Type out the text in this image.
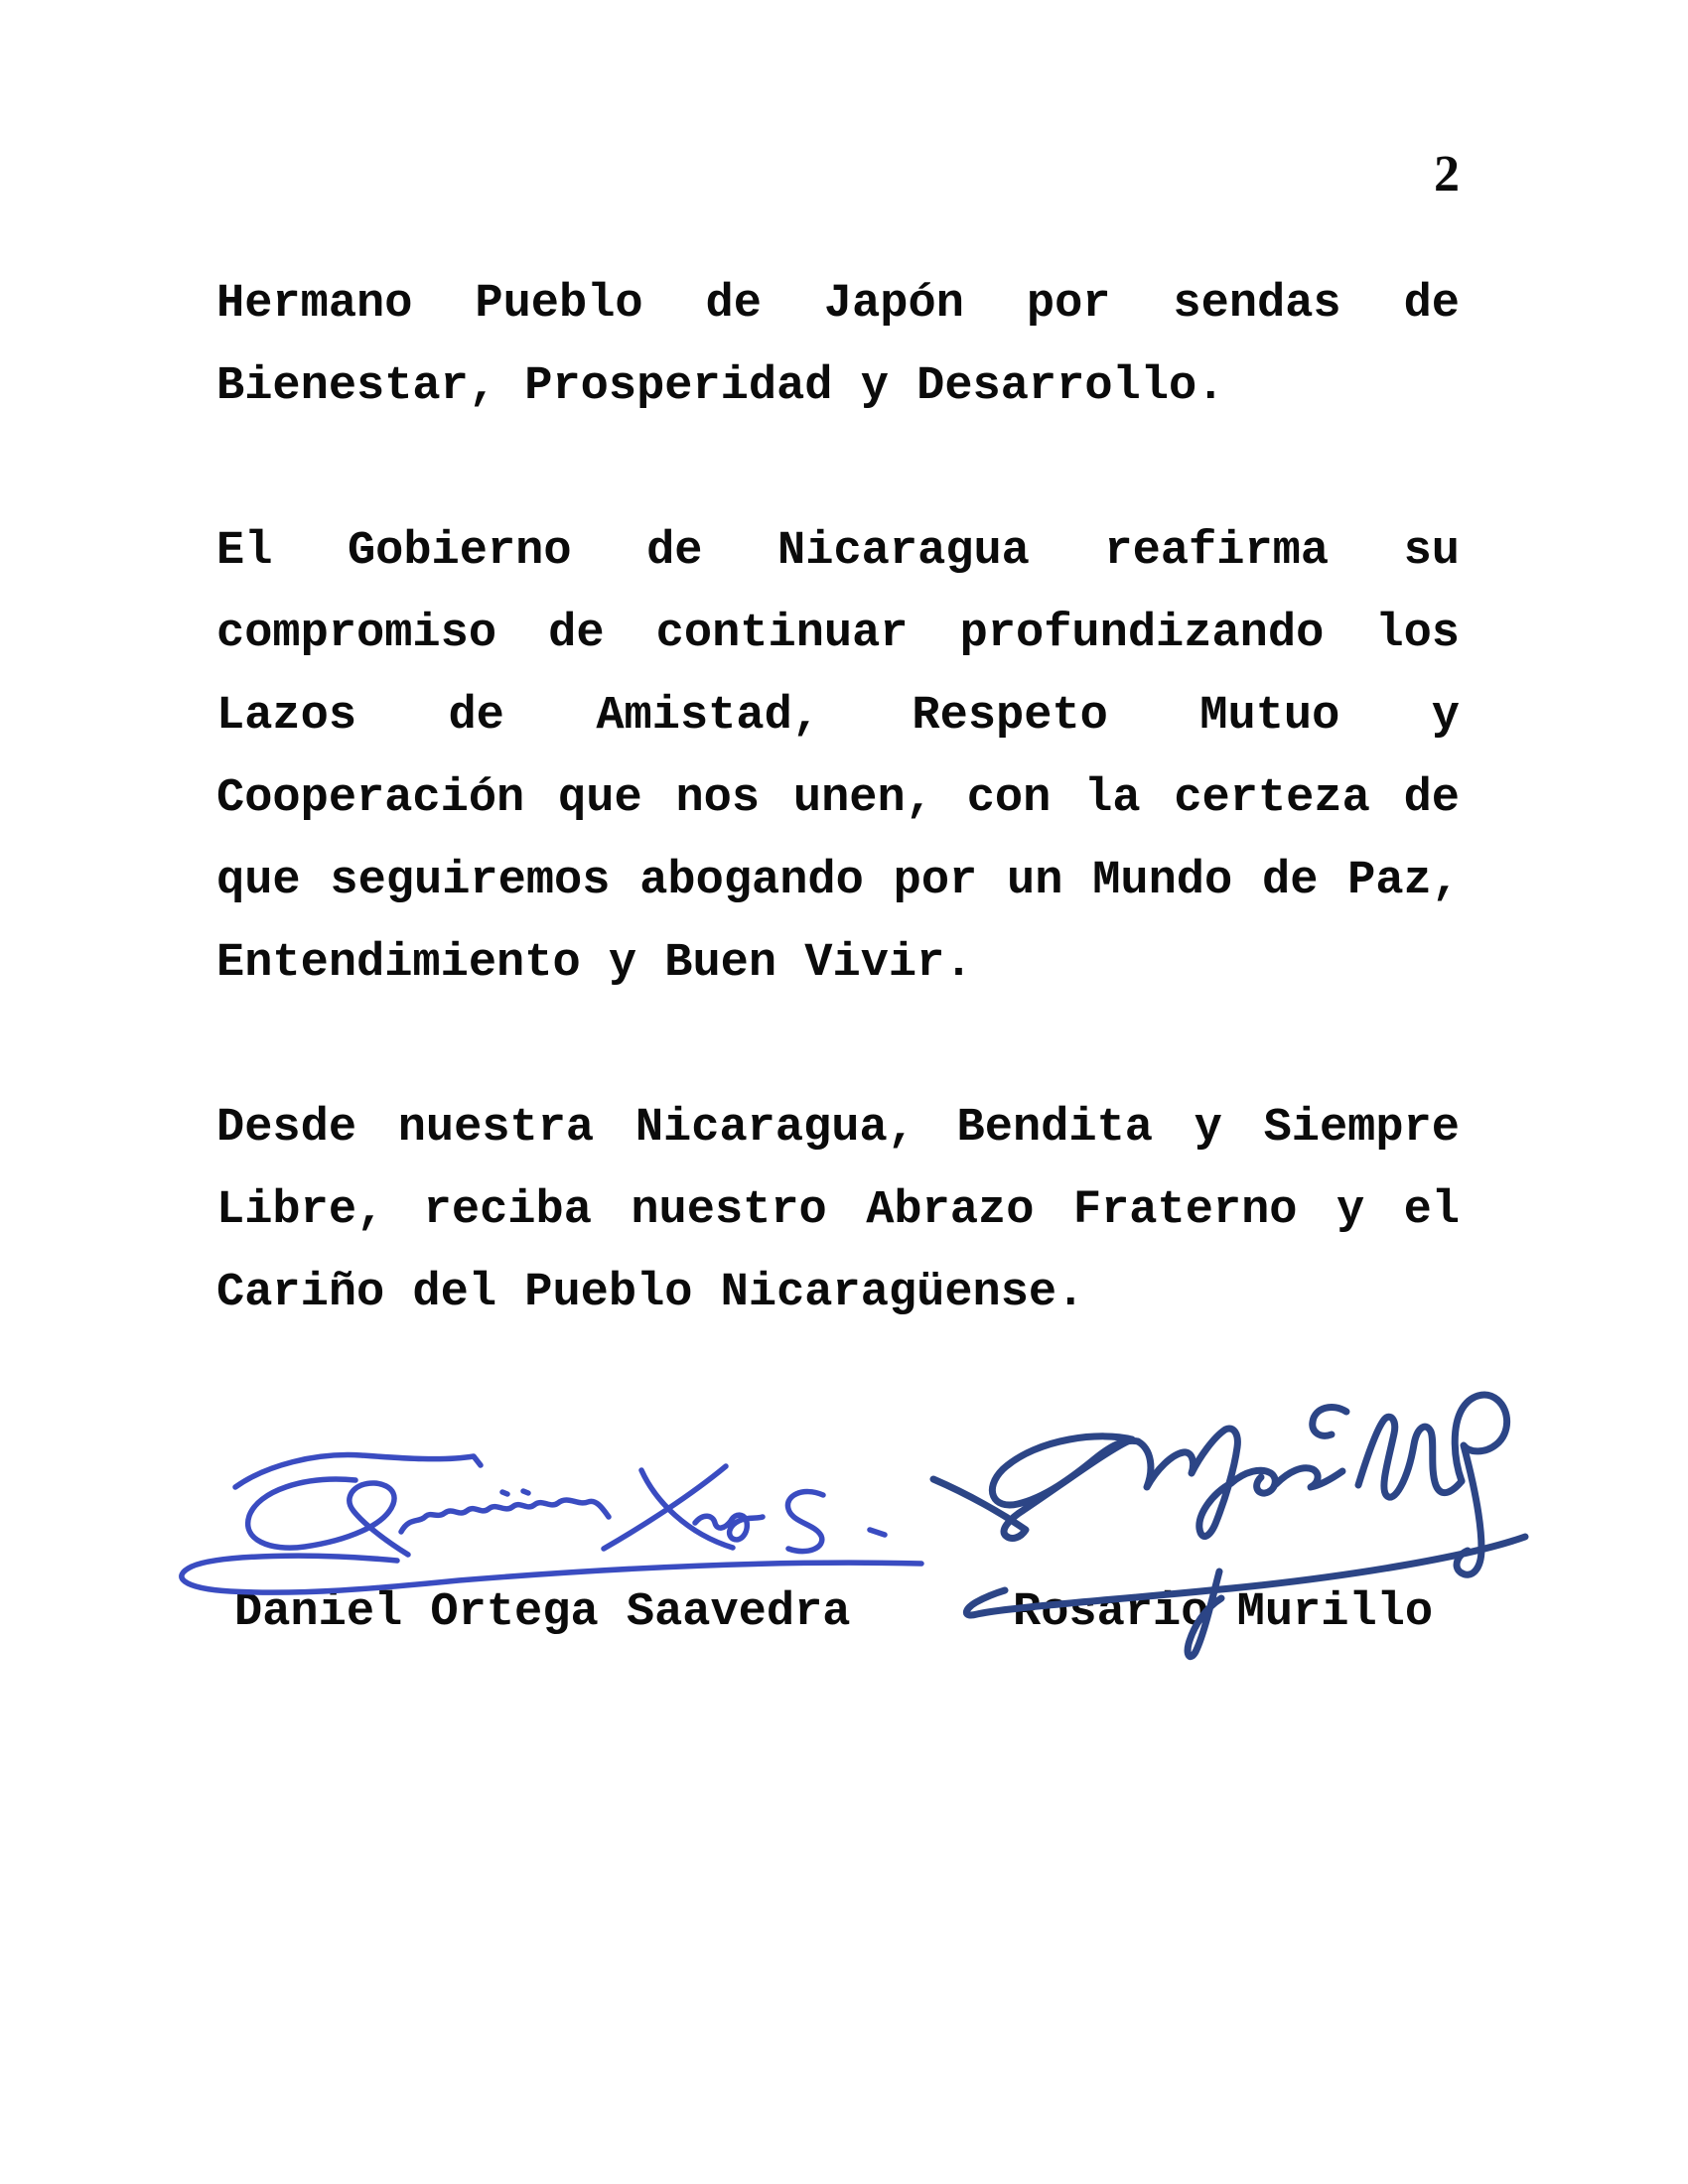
2
Hermano Pueblo de Japón por sendas de
Bienestar, Prosperidad y Desarrollo.
El Gobierno de Nicaragua reafirma su
compromiso de continuar profundizando los
Lazos de Amistad, Respeto Mutuo y
Cooperación que nos unen, con la certeza de
que seguiremos abogando por un Mundo de Paz,
Entendimiento y Buen Vivir.
Desde nuestra Nicaragua, Bendita y Siempre
Libre, reciba nuestro Abrazo Fraterno y el
Cariño del Pueblo Nicaragüense.
Daniel Ortega Saavedra	Rosario Murillo
